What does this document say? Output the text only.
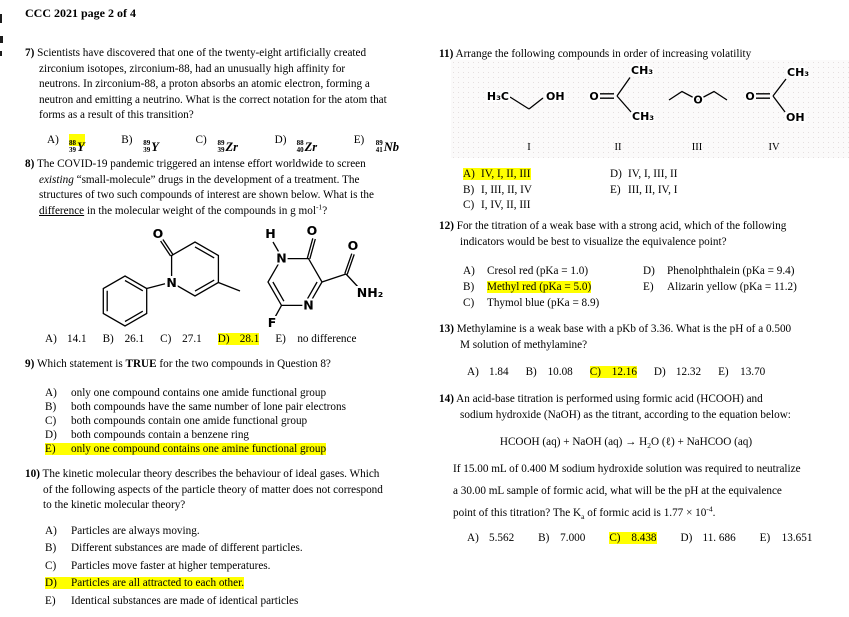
CCC 2021 page 2 of 4
7) Scientists have discovered that one of the twenty-eight artificially created
zirconium isotopes, zirconium-88, had an unusually high affinity for
neutrons. In zirconium-88, a proton absorbs an atomic electron, forming a
neutron and emitting a neutrino. What is the correct notation for the atom that
forms as a result of this transition?
A) 88
39 Y	B) 89
39 Y	C) 89
39 Zr	D) 88
40 Zr	E) 89
41 Nb
8) The COVID-19 pandemic triggered an intense effort worldwide to screen
existing “small-molecule” drugs in the development of a treatment. The
structures of two such compounds of interest are shown below. What is the
difference in the molecular weight of the compounds in g mol$^{-1}$?
O
N
H
N
O
O
N
NH₂
F
A) 14.1 B) 26.1 C) 27.1 D) 28.1 E) no difference
9) Which statement is TRUE for the two compounds in Question 8?
A) only one compound contains one amide functional group
B) both compounds have the same number of lone pair electrons
C) both compounds contain one amide functional group
D) both compounds contain a benzene ring
E) only one compound contains one amine functional group
10) The kinetic molecular theory describes the behaviour of ideal gases. Which
of the following aspects of the particle theory of matter does not correspond
to the kinetic molecular theory?
A) Particles are always moving.
B) Different substances are made of different particles.
C) Particles move faster at higher temperatures.
D) Particles are all attracted to each other.
E) Identical substances are made of identical particles
11) Arrange the following compounds in order of increasing volatility
H₃C	OH O
CH₃
CH₃
O	O
CH₃
OH
I	II	III	IV
A) IV, I, II, III
B) I, III, II, IV
C) I, IV, II, III
D) IV, I, III, II
E) III, II, IV, I
12) For the titration of a weak base with a strong acid, which of the following
indicators would be best to visualize the equivalence point?
A) Cresol red (pKa = 1.0)
B) Methyl red (pKa = 5.0)
C) Thymol blue (pKa = 8.9)
D) Phenolphthalein (pKa = 9.4)
E) Alizarin yellow (pKa = 11.2)
13) Methylamine is a weak base with a pKb of 3.36. What is the pH of a 0.500
M solution of methylamine?
A) 1.84 B) 10.08 C) 12.16 D) 12.32 E) 13.70
14) An acid-base titration is performed using formic acid (HCOOH) and
sodium hydroxide (NaOH) as the titrant, according to the equation below:
HCOOH (aq) + NaOH $(aq) \to H_2O$ (ℓ) + NaHCOO (aq)
If 15.00 mL of 0.400 M sodium hydroxide solution was required to neutralize
a 30.00 mL sample of formic acid, what will be the pH at the equivalence
point of this titration? The $K_a$ of formic acid is $1.77 \times 10^{-4}$.
A) 5.562 B) 7.000 C) 8.438 D) 11. 686 E) 13.651
